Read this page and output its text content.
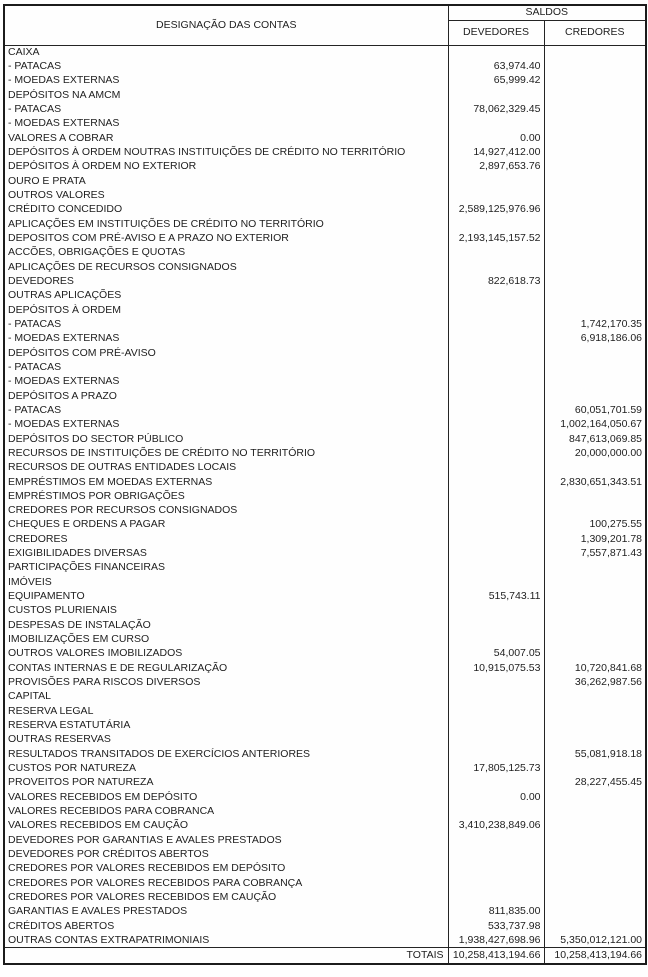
DESIGNAÇÃO DAS CONTAS	SALDOS	
	DEVEDORES	CREDORES
CAIXA		
- PATACAS	63,974.40	
- MOEDAS EXTERNAS	65,999.42	
DEPÓSITOS NA AMCM		
- PATACAS	78,062,329.45	
- MOEDAS EXTERNAS		
VALORES A COBRAR	0.00	
DEPÓSITOS À ORDEM NOUTRAS INSTITUIÇÕES DE CRÉDITO NO TERRITÓRIO	14,927,412.00	
DEPÓSITOS À ORDEM NO EXTERIOR	2,897,653.76	
OURO E PRATA		
OUTROS VALORES		
CRÉDITO CONCEDIDO	2,589,125,976.96	
APLICAÇÕES EM INSTITUIÇÕES DE CRÉDITO NO TERRITÓRIO		
DEPOSITOS COM PRÉ-AVISO E A PRAZO NO EXTERIOR	2,193,145,157.52	
ACCÕES, OBRIGAÇÕES E QUOTAS		
APLICAÇÕES DE RECURSOS CONSIGNADOS		
DEVEDORES	822,618.73	
OUTRAS APLICAÇÕES		
DEPÓSITOS À ORDEM		
- PATACAS		1,742,170.35
- MOEDAS EXTERNAS		6,918,186.06
DEPÓSITOS COM PRÉ-AVISO		
- PATACAS		
- MOEDAS EXTERNAS		
DEPÓSITOS A PRAZO		
- PATACAS		60,051,701.59
- MOEDAS EXTERNAS		1,002,164,050.67
DEPÓSITOS DO SECTOR PÚBLICO		847,613,069.85
RECURSOS DE INSTITUIÇÕES DE CRÉDITO NO TERRITÓRIO		20,000,000.00
RECURSOS DE OUTRAS ENTIDADES LOCAIS		
EMPRÉSTIMOS EM MOEDAS EXTERNAS		2,830,651,343.51
EMPRÉSTIMOS POR OBRIGAÇÕES		
CREDORES POR RECURSOS CONSIGNADOS		
CHEQUES E ORDENS A PAGAR		100,275.55
CREDORES		1,309,201.78
EXIGIBILIDADES DIVERSAS		7,557,871.43
PARTICIPAÇÕES FINANCEIRAS		
IMÓVEIS		
EQUIPAMENTO	515,743.11	
CUSTOS PLURIENAIS		
DESPESAS DE INSTALAÇÃO		
IMOBILIZAÇÕES EM CURSO		
OUTROS VALORES IMOBILIZADOS	54,007.05	
CONTAS INTERNAS E DE REGULARIZAÇÃO	10,915,075.53	10,720,841.68
PROVISÕES PARA RISCOS DIVERSOS		36,262,987.56
CAPITAL		
RESERVA LEGAL		
RESERVA ESTATUTÁRIA		
OUTRAS RESERVAS		
RESULTADOS TRANSITADOS DE EXERCÍCIOS ANTERIORES		55,081,918.18
CUSTOS POR NATUREZA	17,805,125.73	
PROVEITOS POR NATUREZA		28,227,455.45
VALORES RECEBIDOS EM DEPÓSITO	0.00	
VALORES RECEBIDOS PARA COBRANCA		
VALORES RECEBIDOS EM CAUÇÃO	3,410,238,849.06	
DEVEDORES POR GARANTIAS E AVALES PRESTADOS		
DEVEDORES POR CRÉDITOS ABERTOS		
CREDORES POR VALORES RECEBIDOS EM DEPÓSITO		
CREDORES POR VALORES RECEBIDOS PARA COBRANÇA		
CREDORES POR VALORES RECEBIDOS EM CAUÇÃO		
GARANTIAS E AVALES PRESTADOS	811,835.00	
CRÉDITOS ABERTOS	533,737.98	
OUTRAS CONTAS EXTRAPATRIMONIAIS	1,938,427,698.96	5,350,012,121.00
TOTAIS	10,258,413,194.66	10,258,413,194.66
